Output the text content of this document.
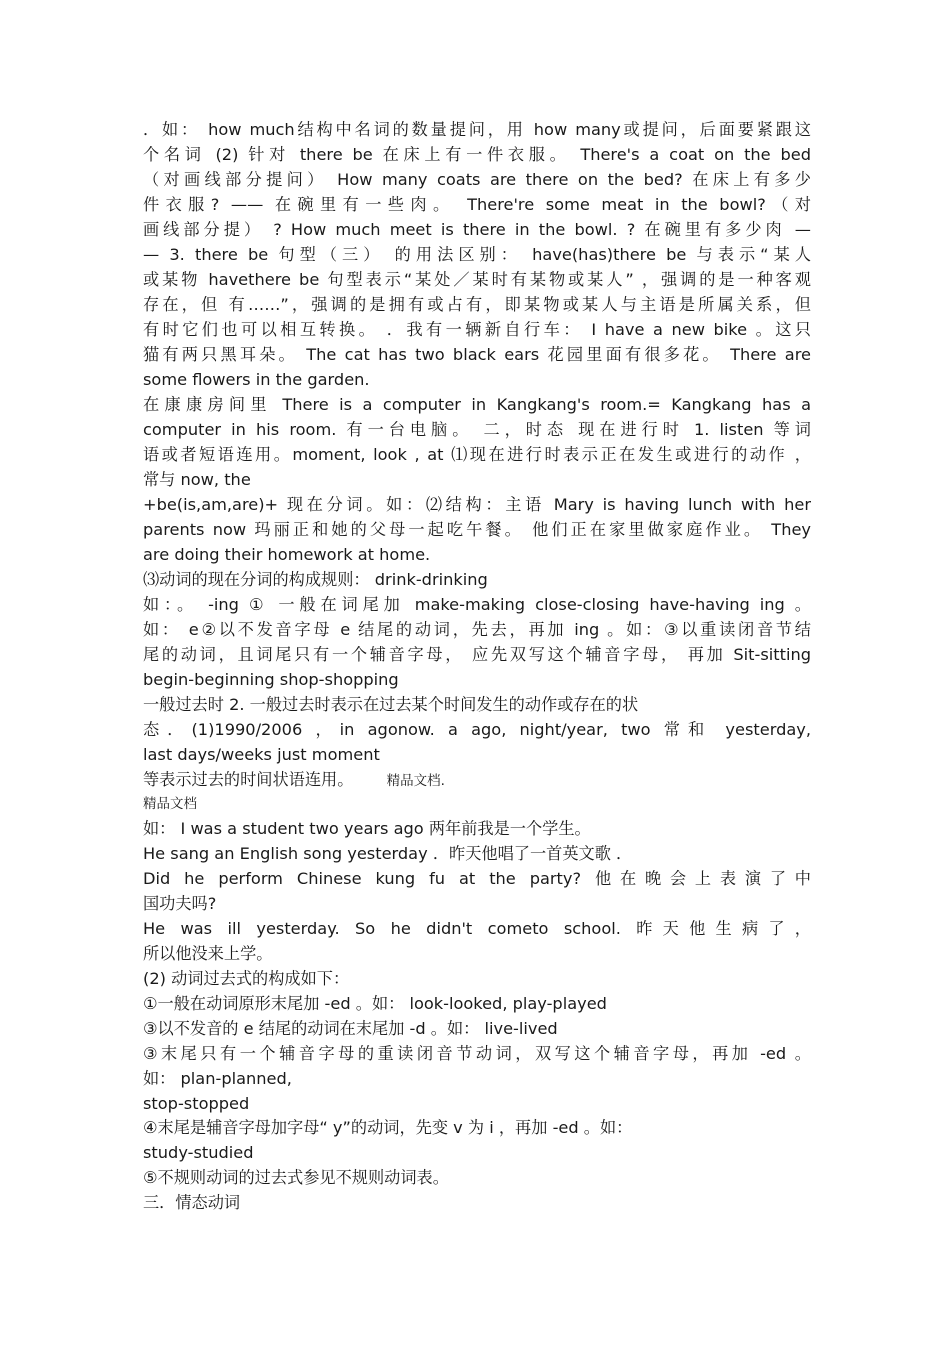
．如： how much结构中名词的数量提问，用 how many或提问，后面要紧跟这
个名词 (2) 针对 there be 在床上有一件衣服。 There's a coat on the bed
（对画线部分提问） How many coats are there on the bed? 在床上有多少
件衣服? —— 在碗里有一些肉。 There're some meat in the bowl?（对
画线部分提） ? How much meet is there in the bowl. ? 在碗里有多少肉 —
— 3. there be 句型（三） 的用法区别： have(has)there be 与表示“某人
或某物 havethere be 句型表示“某处／某时有某物或某人” ，强调的是一种客观
存在，但 有……”，强调的是拥有或占有，即某物或某人与主语是所属关系，但
有时它们也可以相互转换。 ．我有一辆新自行车： I have a new bike 。这只
猫有两只黑耳朵。 The cat has two black ears 花园里面有很多花。 There are
some flowers in the garden.
在康康房间里 There is a computer in Kangkang's room.= Kangkang has a
computer in his room. 有一台电脑。 二，时态 现在进行时 1. listen 等词
语或者短语连用。moment, look , at ⑴现在进行时表示正在发生或进行的动作 ，
常与 now, the
+be(is,am,are)+ 现在分词。如：⑵结构：主语 Mary is having lunch with her
parents now 玛丽正和她的父母一起吃午餐。 他们正在家里做家庭作业。 They
are doing their homework at home.
⑶动词的现在分词的构成规则： drink-drinking
如：。 -ing ① 一般在词尾加 make-making close-closing have-having ing 。
如： e②以不发音字母 e 结尾的动词，先去，再加 ing 。如：③以重读闭音节结
尾的动词，且词尾只有一个辅音字母， 应先双写这个辅音字母， 再加 Sit-sitting
begin-beginning shop-shopping
一般过去时 2. 一般过去时表示在过去某个时间发生的动作或存在的状
态．(1)1990/2006 ，in agonow. a ago, night/year, two 常和 yesterday,
last days/weeks just moment
等表示过去的时间状语连用。 精品文档.
精品文档
如： I was a student two years ago 两年前我是一个学生。
He sang an English song yesterday ．昨天他唱了一首英文歌 ．
Did he perform Chinese kung fu at the party? 他在晚会上表演了中
国功夫吗?
He was ill yesterday. So he didn't cometo school. 昨天他生病了，
所以他没来上学。
(2) 动词过去式的构成如下：
①一般在动词原形末尾加 -ed 。如： look-looked, play-played
③以不发音的 e 结尾的动词在末尾加 -d 。如： live-lived
③末尾只有一个辅音字母的重读闭音节动词，双写这个辅音字母，再加 -ed 。
如： plan-planned,
stop-stopped
④末尾是辅音字母加字母“ y”的动词，先变 v 为 i ，再加 -ed 。如：
study-studied
⑤不规则动词的过去式参见不规则动词表。
三．情态动词
